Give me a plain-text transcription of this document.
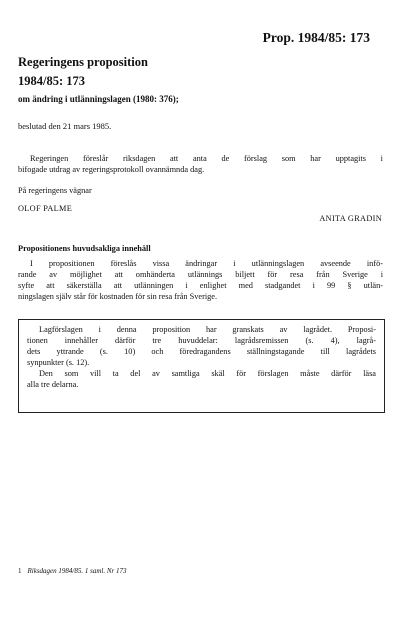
Prop. 1984/85: 173
Regeringens proposition
1984/85: 173
om ändring i utlänningslagen (1980: 376);
beslutad den 21 mars 1985.
Regeringen föreslår riksdagen att anta de förslag som har upptagits i
bifogade utdrag av regeringsprotokoll ovannämnda dag.
På regeringens vägnar
OLOF PALME
ANITA GRADIN
Propositionens huvudsakliga innehåll
I propositionen föreslås vissa ändringar i utlänningslagen avseende infö-
rande av möjlighet att omhänderta utlännings biljett för resa från Sverige i
syfte att säkerställa att utlänningen i enlighet med stadgandet i 99 § utlän-
ningslagen själv står för kostnaden för sin resa från Sverige.
Lagförslagen i denna proposition har granskats av lagrådet. Proposi-
tionen innehåller därför tre huvuddelar: lagrådsremissen (s. 4), lagrå-
dets yttrande (s. 10) och föredragandens ställningstagande till lagrådets
synpunkter (s. 12).
Den som vill ta del av samtliga skäl för förslagen måste därför läsa
alla tre delarna.
1 Riksdagen 1984/85. 1 saml. Nr 173
